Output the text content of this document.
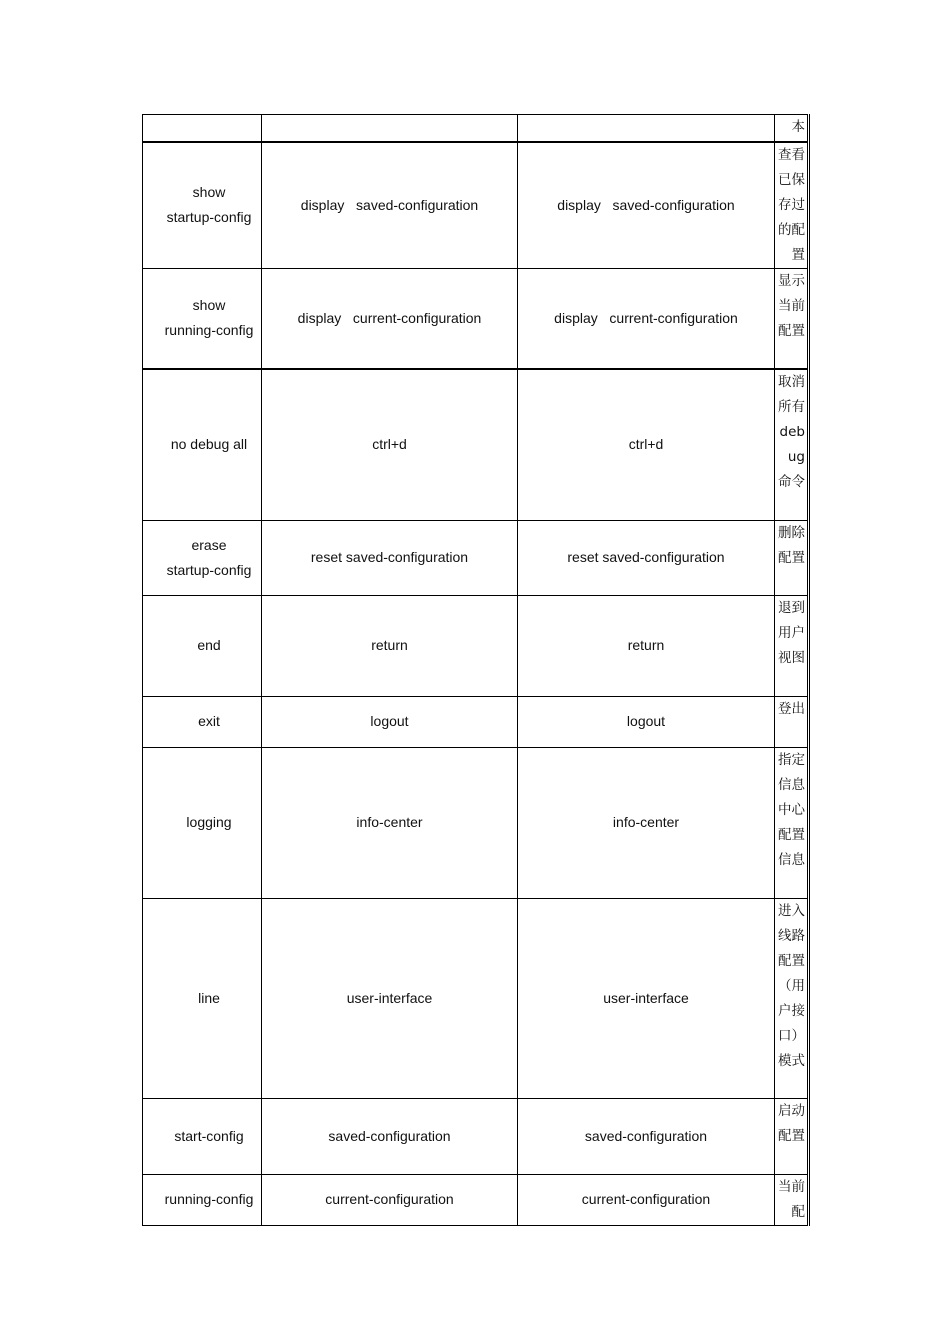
			本

show
startup-config	display   saved-configuration	display   saved-configuration	查看已保存过的配置

show
running-config	display   current-configuration	display   current-configuration	显示当前配置

no debug all	ctrl+d	ctrl+d	取消所有debug命令

erase
startup-config	reset saved-configuration	reset saved-configuration	删除配置

end	return	return	退到用户视图

exit	logout	logout	登出

logging	info-center	info-center	指定信息中心配置信息

line	user-interface	user-interface	进入线路配置（用户接口）模式

start-config	saved-configuration	saved-configuration	启动配置

running-config	current-configuration	current-configuration	当前配
